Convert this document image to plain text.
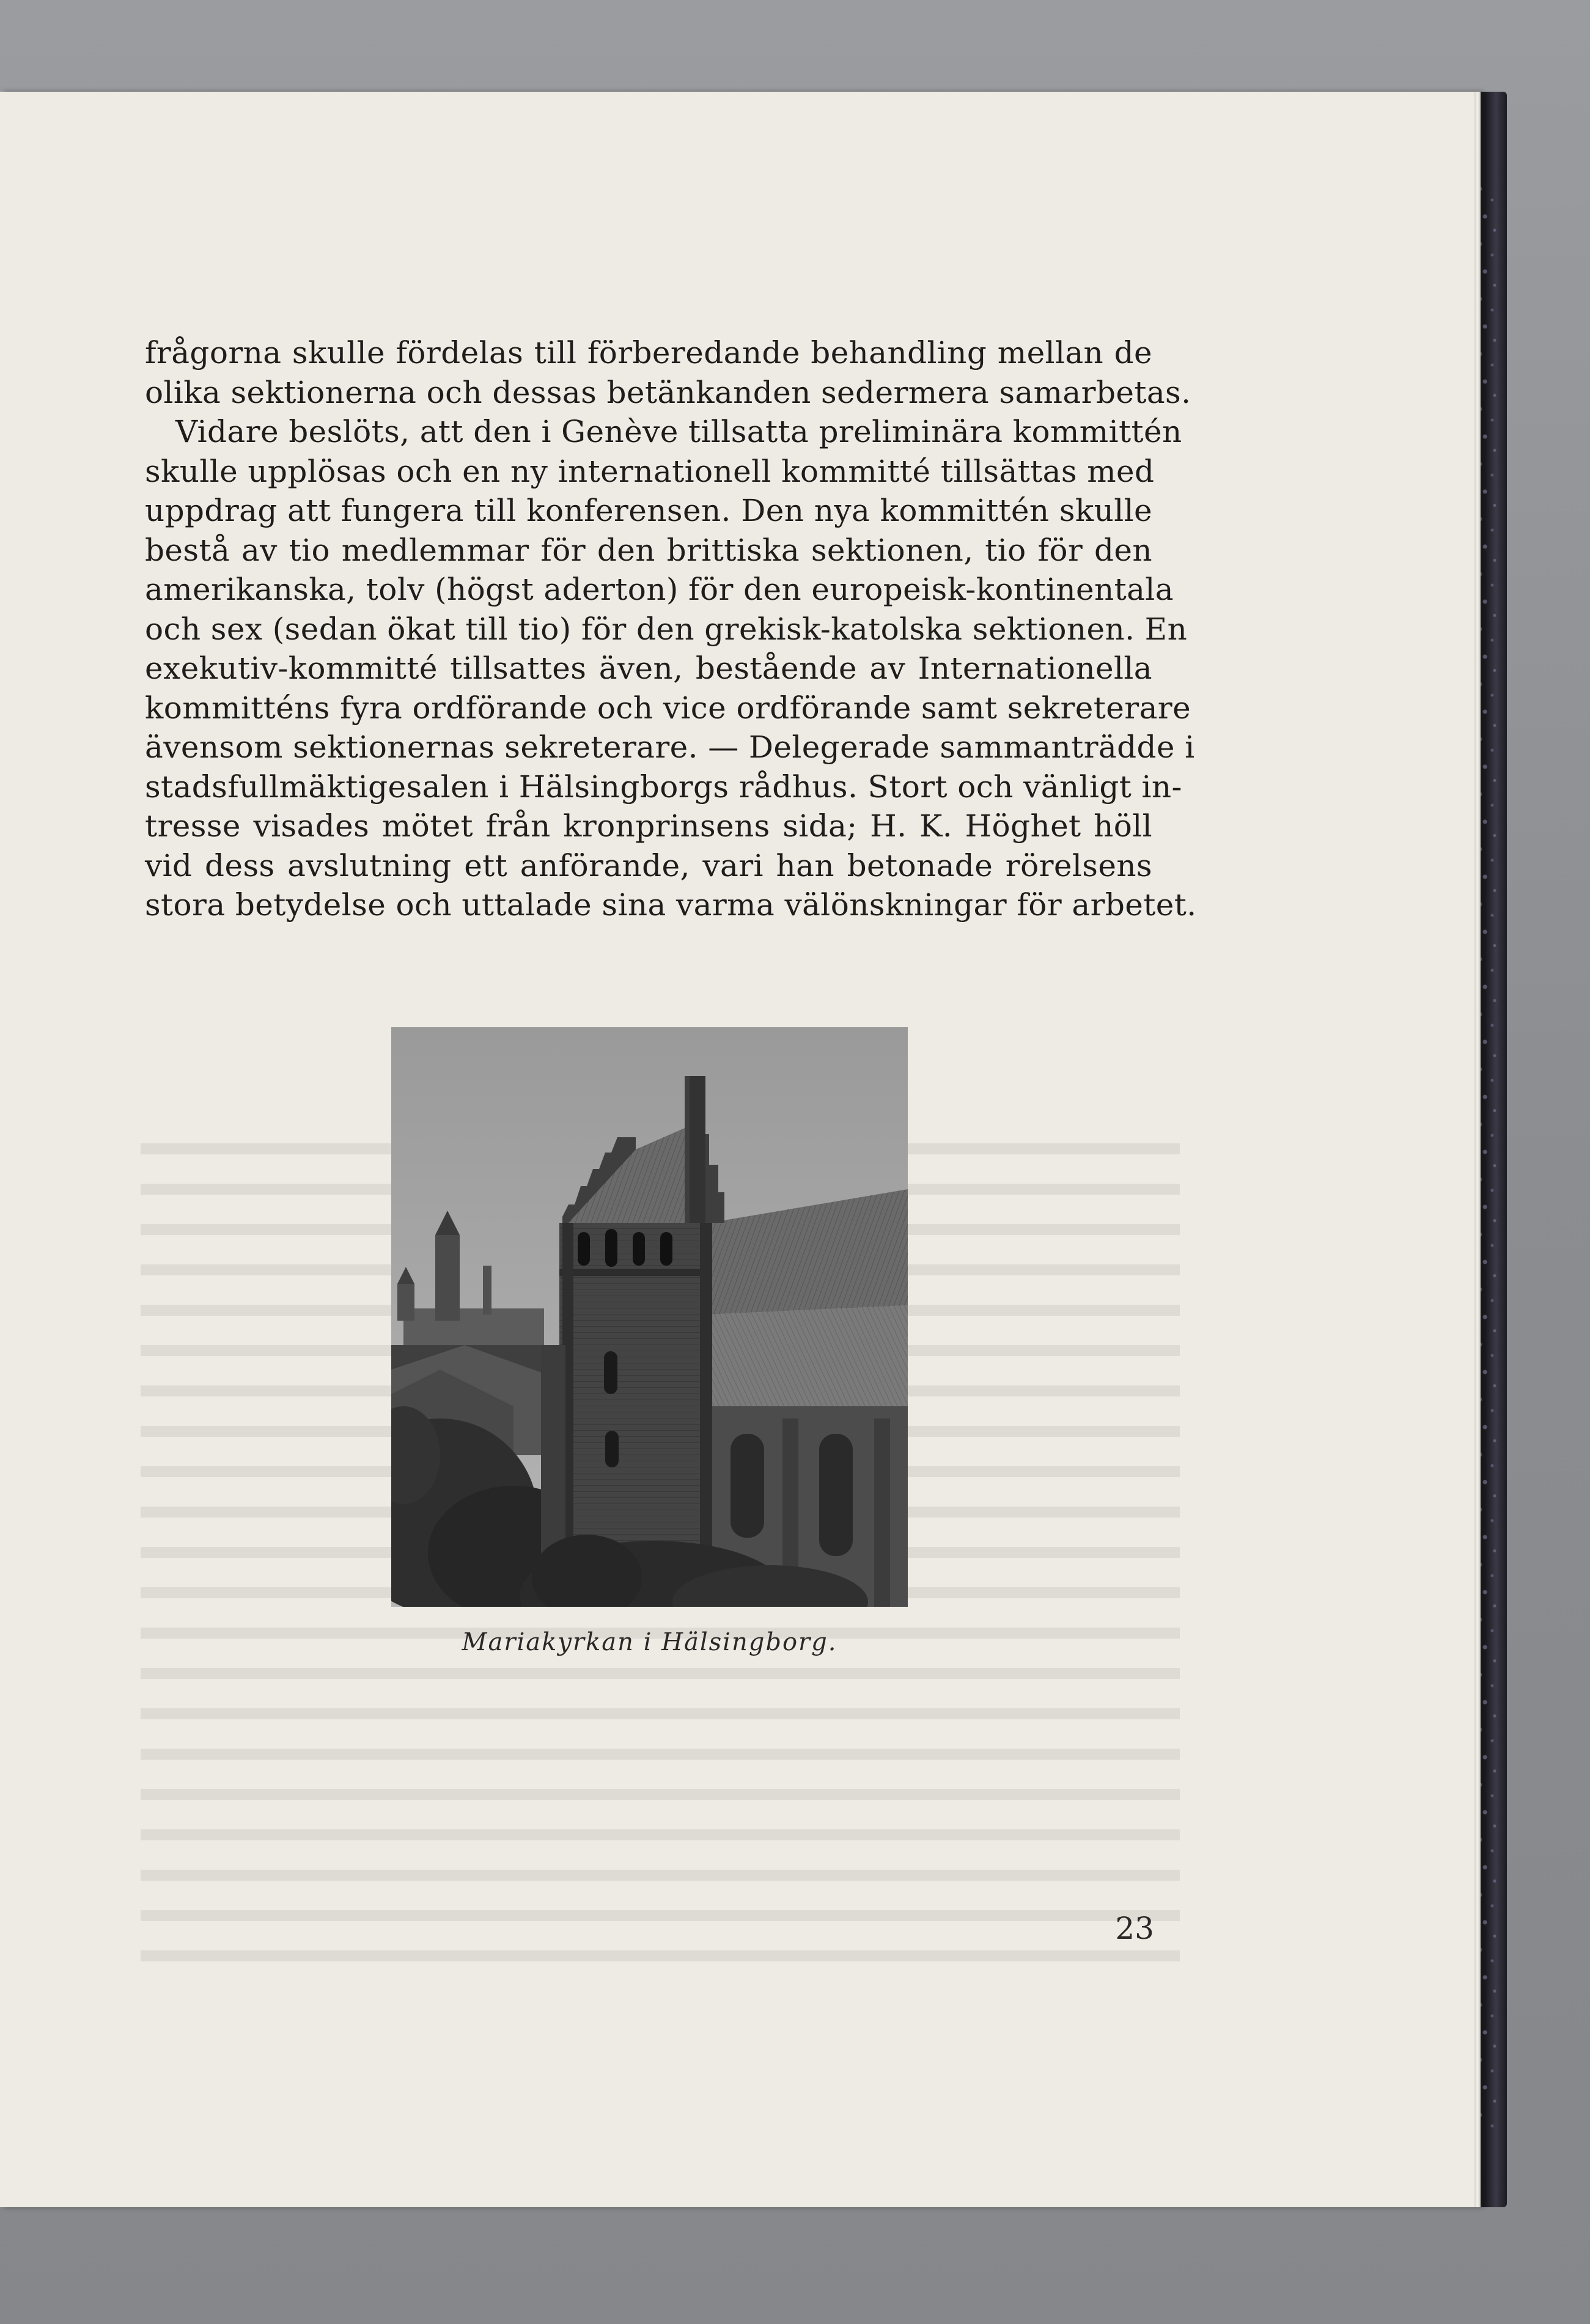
frågorna skulle fördelas till förberedande behandling mellan de
olika sektionerna och dessas betänkanden sedermera samarbetas.
Vidare beslöts, att den i Genève tillsatta preliminära kommittén
skulle upplösas och en ny internationell kommitté tillsättas med
uppdrag att fungera till konferensen. Den nya kommittén skulle
bestå av tio medlemmar för den brittiska sektionen, tio för den
amerikanska, tolv (högst aderton) för den europeisk-kontinentala
och sex (sedan ökat till tio) för den grekisk-katolska sektionen. En
exekutiv-kommitté tillsattes även, bestående av Internationella
kommitténs fyra ordförande och vice ordförande samt sekreterare
ävensom sektionernas sekreterare. — Delegerade sammanträdde i
stadsfullmäktigesalen i Hälsingborgs rådhus. Stort och vänligt in-
tresse visades mötet från kronprinsens sida; H. K. Höghet höll
vid dess avslutning ett anförande, vari han betonade rörelsens
stora betydelse och uttalade sina varma välönskningar för arbetet.
Mariakyrkan i Hälsingborg.
23
